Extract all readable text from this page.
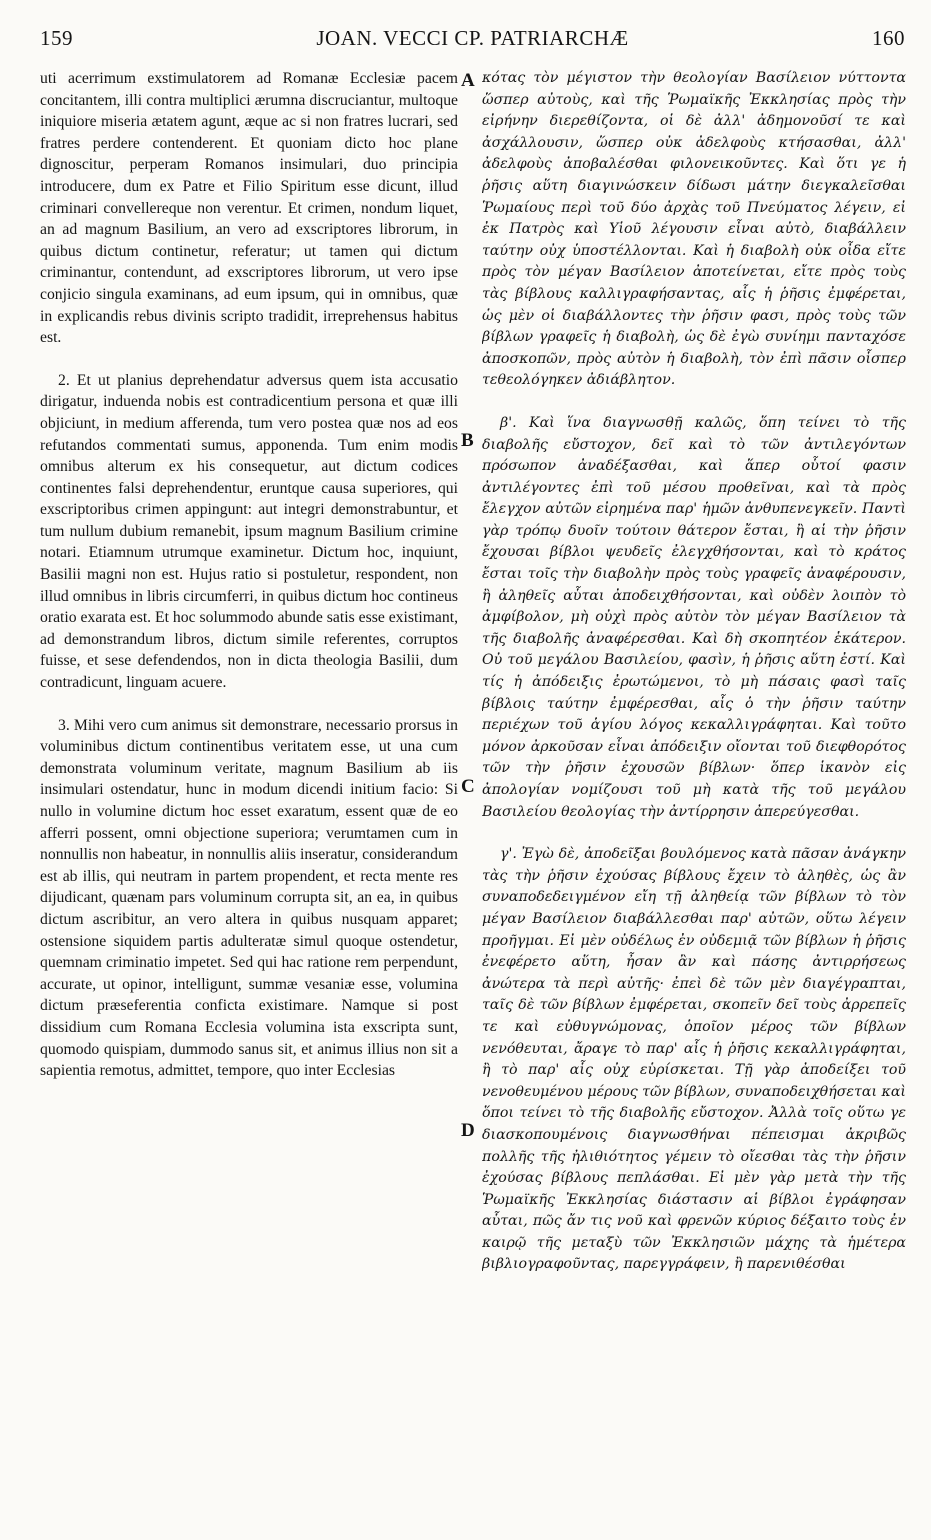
159	JOAN. VECCI CP. PATRIARCHÆ	160

uti acerrimum exstimulatorem ad Romanæ Ecclesiæ pacem concitantem, illi contra multiplici ærumna discruciantur, multoque iniquiore miseria ætatem agunt, æque ac si non fratres lucrari, sed fratres perdere contenderent. Et quoniam dicto hoc plane dignoscitur, perperam Romanos insimulari, duo principia introducere, dum ex Patre et Filio Spiritum esse dicunt, illud criminari convellereque non verentur. Et crimen, nondum liquet, an ad magnum Basilium, an vero ad exscriptores librorum, in quibus dictum continetur, referatur; ut tamen qui dictum criminantur, contendunt, ad exscriptores librorum, ut vero ipse conjicio singula examinans, ad eum ipsum, qui in omnibus, quæ in explicandis rebus divinis scripto tradidit, irreprehensus habitus est.

2. Et ut planius deprehendatur adversus quem ista accusatio dirigatur, induenda nobis est contradicentium persona et quæ illi objiciunt, in medium afferenda, tum vero postea quæ nos ad eos refutandos commentati sumus, apponenda. Tum enim modis omnibus alterum ex his consequetur, aut dictum codices continentes falsi deprehendentur, eruntque causa superiores, qui exscriptoribus crimen appingunt: aut integri demonstrabuntur, et tum nullum dubium remanebit, ipsum magnum Basilium crimine notari. Etiamnum utrumque examinetur. Dictum hoc, inquiunt, Basilii magni non est. Hujus ratio si postuletur, respondent, non illud omnibus in libris circumferri, in quibus dictum hoc contineus oratio exarata est. Et hoc solummodo abunde satis esse existimant, ad demonstrandum libros, dictum simile referentes, corruptos fuisse, et sese defendendos, non in dicta theologia Basilii, dum contradicunt, linguam acuere.

3. Mihi vero cum animus sit demonstrare, necessario prorsus in voluminibus dictum continentibus veritatem esse, ut una cum demonstrata voluminum veritate, magnum Basilium ab iis insimulari ostendatur, hunc in modum dicendi initium facio: Si nullo in volumine dictum hoc esset exaratum, essent quæ de eo afferri possent, omni objectione superiora; verumtamen cum in nonnullis non habeatur, in nonnullis aliis inseratur, considerandum est ab illis, qui neutram in partem propendent, et recta mente res dijudicant, quænam pars voluminum corrupta sit, an ea, in quibus dictum ascribitur, an vero altera in quibus nusquam apparet; ostensione siquidem partis adulteratæ simul quoque ostendetur, quemnam criminatio impetet. Sed qui hac ratione rem perpendunt, accurate, ut opinor, intelligunt, summæ vesaniæ esse, volumina dictum præseferentia conficta existimare. Namque si post dissidium cum Romana Ecclesia volumina ista exscripta sunt, quomodo quispiam, dummodo sanus sit, et animus illius non sit a sapientia remotus, admittet, tempore, quo inter Ecclesias

A
B
C
D

κότας τὸν μέγιστον τὴν θεολογίαν Βασίλειον νύττοντα ὥσπερ αὐτοὺς, καὶ τῆς Ῥωμαϊκῆς Ἐκκλησίας πρὸς τὴν εἰρήνην διερεθίζοντα, οἱ δὲ ἀλλ' ἀδημονοῦσί τε καὶ ἀσχάλλουσιν, ὥσπερ οὐκ ἀδελφοὺς κτήσασθαι, ἀλλ' ἀδελφοὺς ἀποβαλέσθαι φιλονεικοῦντες. Καὶ ὅτι γε ἡ ῥῆσις αὕτη διαγινώσκειν δίδωσι μάτην διεγκαλεῖσθαι Ῥωμαίους περὶ τοῦ δύο ἀρχὰς τοῦ Πνεύματος λέγειν, εἰ ἐκ Πατρὸς καὶ Υἱοῦ λέγουσιν εἶναι αὐτὸ, διαβάλλειν ταύτην οὐχ ὑποστέλλονται. Καὶ ἡ διαβολὴ οὐκ οἶδα εἴτε πρὸς τὸν μέγαν Βασίλειον ἀποτείνεται, εἴτε πρὸς τοὺς τὰς βίβλους καλλιγραφήσαντας, αἷς ἡ ῥῆσις ἐμφέρεται, ὡς μὲν οἱ διαβάλλοντες τὴν ῥῆσιν φασι, πρὸς τοὺς τῶν βίβλων γραφεῖς ἡ διαβολὴ, ὡς δὲ ἐγὼ συνίημι πανταχόσε ἀποσκοπῶν, πρὸς αὐτὸν ἡ διαβολὴ, τὸν ἐπὶ πᾶσιν οἷσπερ τεθεολόγηκεν ἀδιάβλητον.

β'. Καὶ ἵνα διαγνωσθῇ καλῶς, ὅπη τείνει τὸ τῆς διαβολῆς εὔστοχον, δεῖ καὶ τὸ τῶν ἀντιλεγόντων πρόσωπον ἀναδέξασθαι, καὶ ἅπερ οὗτοί φασιν ἀντιλέγοντες ἐπὶ τοῦ μέσου προθεῖναι, καὶ τὰ πρὸς ἔλεγχον αὐτῶν εἰρημένα παρ' ἡμῶν ἀνθυπενεγκεῖν. Παντὶ γὰρ τρόπῳ δυοῖν τούτοιν θάτερον ἔσται, ἢ αἱ τὴν ῥῆσιν ἔχουσαι βίβλοι ψευδεῖς ἐλεγχθήσονται, καὶ τὸ κράτος ἔσται τοῖς τὴν διαβολὴν πρὸς τοὺς γραφεῖς ἀναφέρουσιν, ἢ ἀληθεῖς αὗται ἀποδειχθήσονται, καὶ οὐδὲν λοιπὸν τὸ ἀμφίβολον, μὴ οὐχὶ πρὸς αὐτὸν τὸν μέγαν Βασίλειον τὰ τῆς διαβολῆς ἀναφέρεσθαι. Καὶ δὴ σκοπητέον ἑκάτερον. Οὐ τοῦ μεγάλου Βασιλείου, φασὶν, ἡ ῥῆσις αὕτη ἐστί. Καὶ τίς ἡ ἀπόδειξις ἐρωτώμενοι, τὸ μὴ πάσαις φασὶ ταῖς βίβλοις ταύτην ἐμφέρεσθαι, αἷς ὁ τὴν ῥῆσιν ταύτην περιέχων τοῦ ἁγίου λόγος κεκαλλιγράφηται. Καὶ τοῦτο μόνον ἀρκοῦσαν εἶναι ἀπόδειξιν οἴονται τοῦ διεφθορότος τῶν τὴν ῥῆσιν ἐχουσῶν βίβλων· ὅπερ ἱκανὸν εἰς ἀπολογίαν νομίζουσι τοῦ μὴ κατὰ τῆς τοῦ μεγάλου Βασιλείου θεολογίας τὴν ἀντίρρησιν ἀπερεύγεσθαι.

γ'. Ἐγὼ δὲ, ἀποδεῖξαι βουλόμενος κατὰ πᾶσαν ἀνάγκην τὰς τὴν ῥῆσιν ἐχούσας βίβλους ἔχειν τὸ ἀληθὲς, ὡς ἂν συναποδεδειγμένον εἴη τῇ ἀληθείᾳ τῶν βίβλων τὸ τὸν μέγαν Βασίλειον διαβάλλεσθαι παρ' αὐτῶν, οὕτω λέγειν προῆγμαι. Εἰ μὲν οὐδέλως ἐν οὐδεμιᾷ τῶν βίβλων ἡ ῥῆσις ἐνεφέρετο αὕτη, ἦσαν ἂν καὶ πάσης ἀντιρρήσεως ἀνώτερα τὰ περὶ αὐτῆς· ἐπεὶ δὲ τῶν μὲν διαγέγραπται, ταῖς δὲ τῶν βίβλων ἐμφέρεται, σκοπεῖν δεῖ τοὺς ἀρρεπεῖς τε καὶ εὐθυγνώμονας, ὁποῖον μέρος τῶν βίβλων νενόθευται, ἄραγε τὸ παρ' αἷς ἡ ῥῆσις κεκαλλιγράφηται, ἢ τὸ παρ' αἷς οὐχ εὑρίσκεται. Τῇ γὰρ ἀποδείξει τοῦ νενοθευμένου μέρους τῶν βίβλων, συναποδειχθήσεται καὶ ὅποι τείνει τὸ τῆς διαβολῆς εὔστοχον. Ἀλλὰ τοῖς οὕτω γε διασκοπουμένοις διαγνωσθήναι πέπεισμαι ἀκριβῶς πολλῆς τῆς ἠλιθιότητος γέμειν τὸ οἴεσθαι τὰς τὴν ῥῆσιν ἐχούσας βίβλους πεπλάσθαι. Εἰ μὲν γὰρ μετὰ τὴν τῆς Ῥωμαϊκῆς Ἐκκλησίας διάστασιν αἱ βίβλοι ἐγράφησαν αὗται, πῶς ἄν τις νοῦ καὶ φρενῶν κύριος δέξαιτο τοὺς ἐν καιρῷ τῆς μεταξὺ τῶν Ἐκκλησιῶν μάχης τὰ ἡμέτερα βιβλιογραφοῦντας, παρεγγράφειν, ἢ παρενιθέσθαι
